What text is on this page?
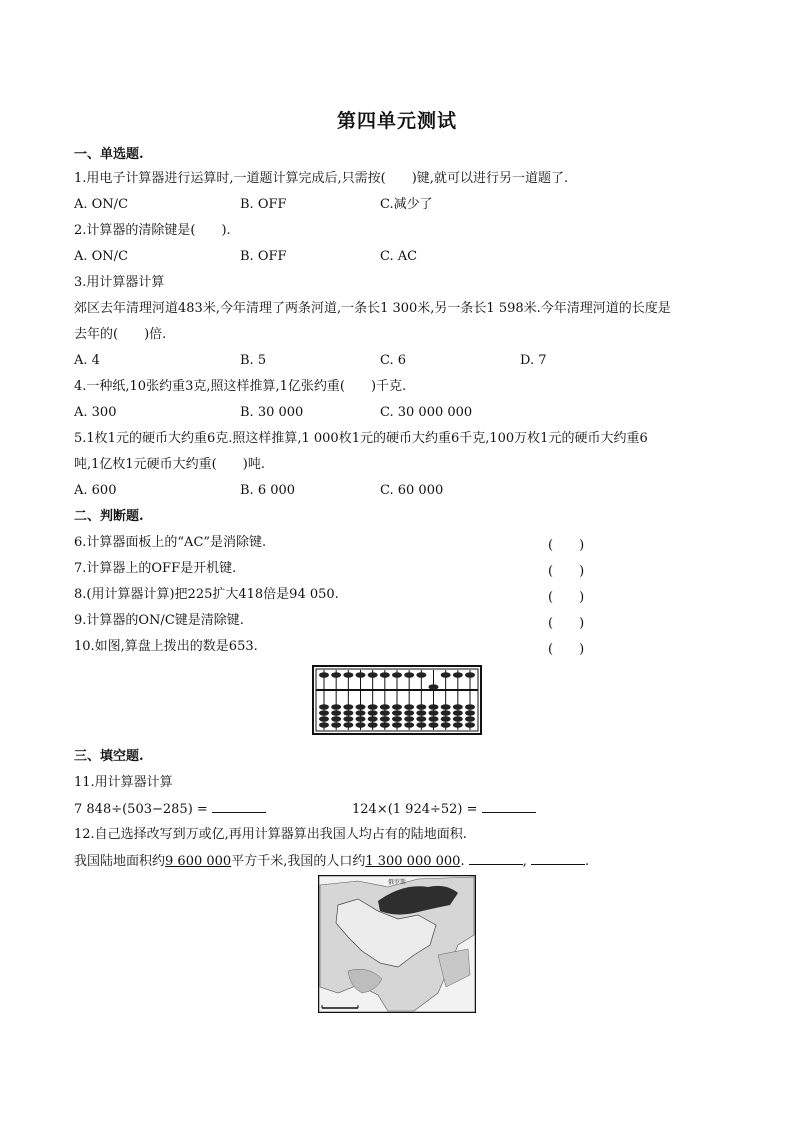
第四单元测试
一、单选题.
1.用电子计算器进行运算时,一道题计算完成后,只需按(　　)键,就可以进行另一道题了.
A. ON/C	B. OFF	C.减少了
2.计算器的清除键是(　　).
A. ON/C	B. OFF	C. AC
3.用计算器计算
郊区去年清理河道483米,今年清理了两条河道,一条长1 300米,另一条长1 598米.今年清理河道的长度是
去年的(　　)倍.
A. 4	B. 5	C. 6	D. 7
4.一种纸,10张约重3克,照这样推算,1亿张约重(　　)千克.
A. 300	B. 30 000	C. 30 000 000
5.1枚1元的硬币大约重6克.照这样推算,1 000枚1元的硬币大约重6千克,100万枚1元的硬币大约重6
吨,1亿枚1元硬币大约重(　　)吨.
A. 600	B. 6 000	C. 60 000
二、判断题.
6.计算器面板上的“AC”是消除键.	(　　)
7.计算器上的OFF是开机键.	(　　)
8.(用计算器计算)把225扩大418倍是94 050.	(　　)
9.计算器的ON/C键是清除键.	(　　)
10.如图,算盘上拨出的数是653.	(　　)
三、填空题.
11.用计算器计算
7 848÷(503−285) =	124×(1 924÷52) =
12.自己选择改写到万或亿,再用计算器算出我国人均占有的陆地面积.
我国陆地面积约9 600 000平方千米,我国的人口约1 300 000 000.	,	.
俄罗斯
